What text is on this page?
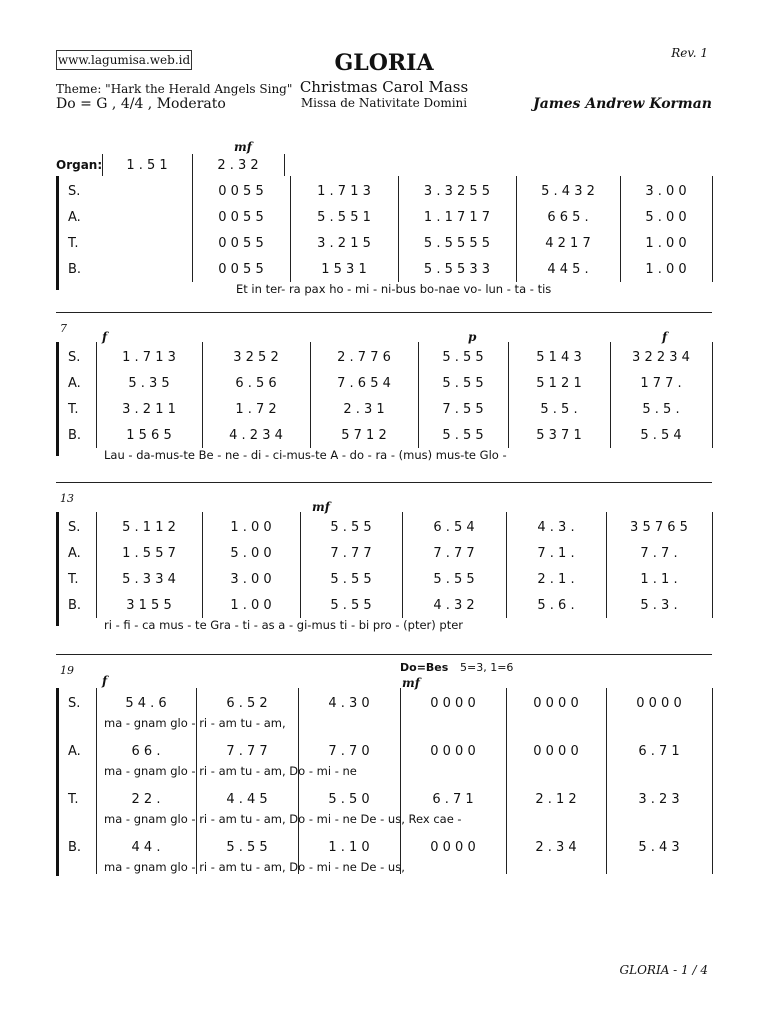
www.lagumisa.web.id	GLORIA
Christmas Carol Mass
Missa de Nativitate Domini
Rev. 1
Theme: "Hark the Herald Angels Sing"
Do = G , 4/4 , Moderato	James Andrew Korman
Organ:	1 . 5 1	2 . 3 2
S.	0 0 5 5	1 . 7 1 3	3 . 3 2 5 5	5 . 4 3 2	3 . 0 0
A.	0 0 5 5	5 . 5 5 1	1 . 1 7 1 7	6 6 5 .	5 . 0 0
T.	0 0 5 5	3 . 2 1 5	5 . 5 5 5 5	4 2 1 7	1 . 0 0
B.	0 0 5 5	1 5 3 1	5 . 5 5 3 3	4 4 5 .	1 . 0 0
Et in ter- ra pax ho - mi - ni-bus bo-nae vo- lun - ta - tis
mf
7
S.	1 . 7 1 3	3 2 5 2	2 . 7 7 6	5 . 5 5	5 1 4 3	3 2 2 3 4
A.	5 . 3 5	6 . 5 6	7 . 6 5 4	5 . 5 5	5 1 2 1	1 7 7 .
T.	3 . 2 1 1	1 . 7 2	2 . 3 1	7 . 5 5	5 . 5 .	5 . 5 .
B.	1 5 6 5	4 . 2 3 4	5 7 1 2	5 . 5 5	5 3 7 1	5 . 5 4
Lau - da-mus-te Be - ne - di - ci-mus-te A - do - ra - (mus) mus-te Glo -
f	p	f
13
S.	5 . 1 1 2	1 . 0 0	5 . 5 5	6 . 5 4	4 . 3 .	3 5 7 6 5
A.	1 . 5 5 7	5 . 0 0	7 . 7 7	7 . 7 7	7 . 1 .	7 . 7 .
T.	5 . 3 3 4	3 . 0 0	5 . 5 5	5 . 5 5	2 . 1 .	1 . 1 .
B.	3 1 5 5	1 . 0 0	5 . 5 5	4 . 3 2	5 . 6 .	5 . 3 .
ri - fi - ca mus - te Gra - ti - as a - gi-mus ti - bi pro - (pter) pter
mf
19
S.	5 4 . 6	6 . 5 2	4 . 3 0	0 0 0 0	0 0 0 0	0 0 0 0
ma - gnam glo - ri - am tu - am,
A.	6 6 .	7 . 7 7	7 . 7 0	0 0 0 0	0 0 0 0	6 . 7 1
ma - gnam glo - ri - am tu - am, Do - mi - ne
T.	2 2 .	4 . 4 5	5 . 5 0	6 . 7 1	2 . 1 2	3 . 2 3
ma - gnam glo - ri - am tu - am, Do - mi - ne De - us, Rex cae -
B.	4 4 .	5 . 5 5	1 . 1 0	0 0 0 0	2 . 3 4	5 . 4 3
ma - gnam glo - ri - am tu - am, Do - mi - ne De - us,
f	mf
Do=Bes 5=3, 1=6
GLORIA - 1 / 4
